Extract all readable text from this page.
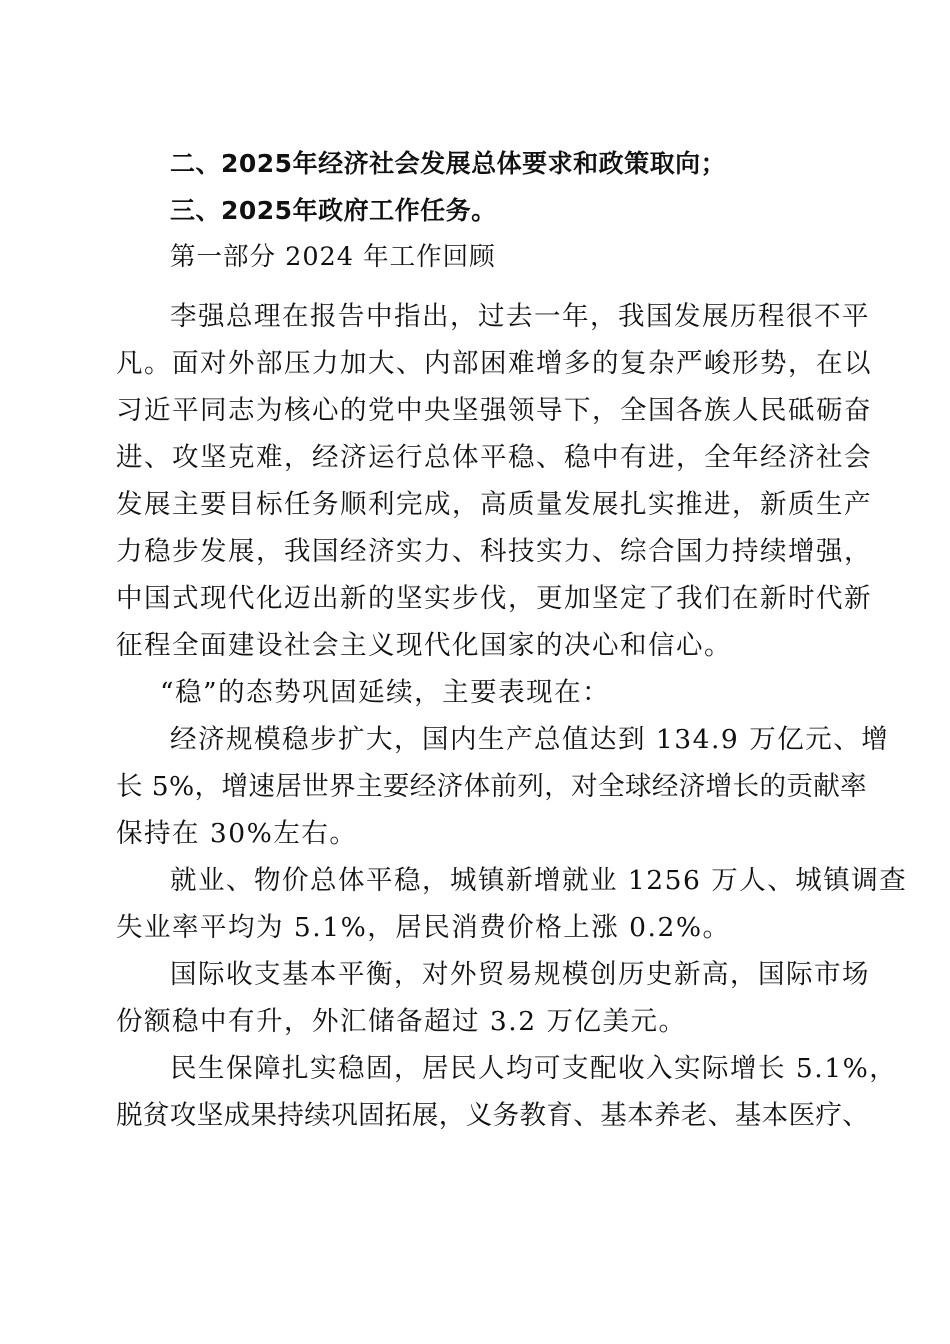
二、2025年经济社会发展总体要求和政策取向；
三、2025年政府工作任务。
第一部分 2024 年工作回顾
李强总理在报告中指出，过去一年，我国发展历程很不平
凡。面对外部压力加大、内部困难增多的复杂严峻形势，在以
习近平同志为核心的党中央坚强领导下，全国各族人民砥砺奋
进、攻坚克难，经济运行总体平稳、稳中有进，全年经济社会
发展主要目标任务顺利完成，高质量发展扎实推进，新质生产
力稳步发展，我国经济实力、科技实力、综合国力持续增强，
中国式现代化迈出新的坚实步伐，更加坚定了我们在新时代新
征程全面建设社会主义现代化国家的决心和信心。
“稳”的态势巩固延续，主要表现在：
经济规模稳步扩大，国内生产总值达到 134.9 万亿元、增
长 5%，增速居世界主要经济体前列，对全球经济增长的贡献率
保持在 30%左右。
就业、物价总体平稳，城镇新增就业 1256 万人、城镇调查
失业率平均为 5.1%，居民消费价格上涨 0.2%。
国际收支基本平衡，对外贸易规模创历史新高，国际市场
份额稳中有升，外汇储备超过 3.2 万亿美元。
民生保障扎实稳固，居民人均可支配收入实际增长 5.1%，
脱贫攻坚成果持续巩固拓展，义务教育、基本养老、基本医疗、
